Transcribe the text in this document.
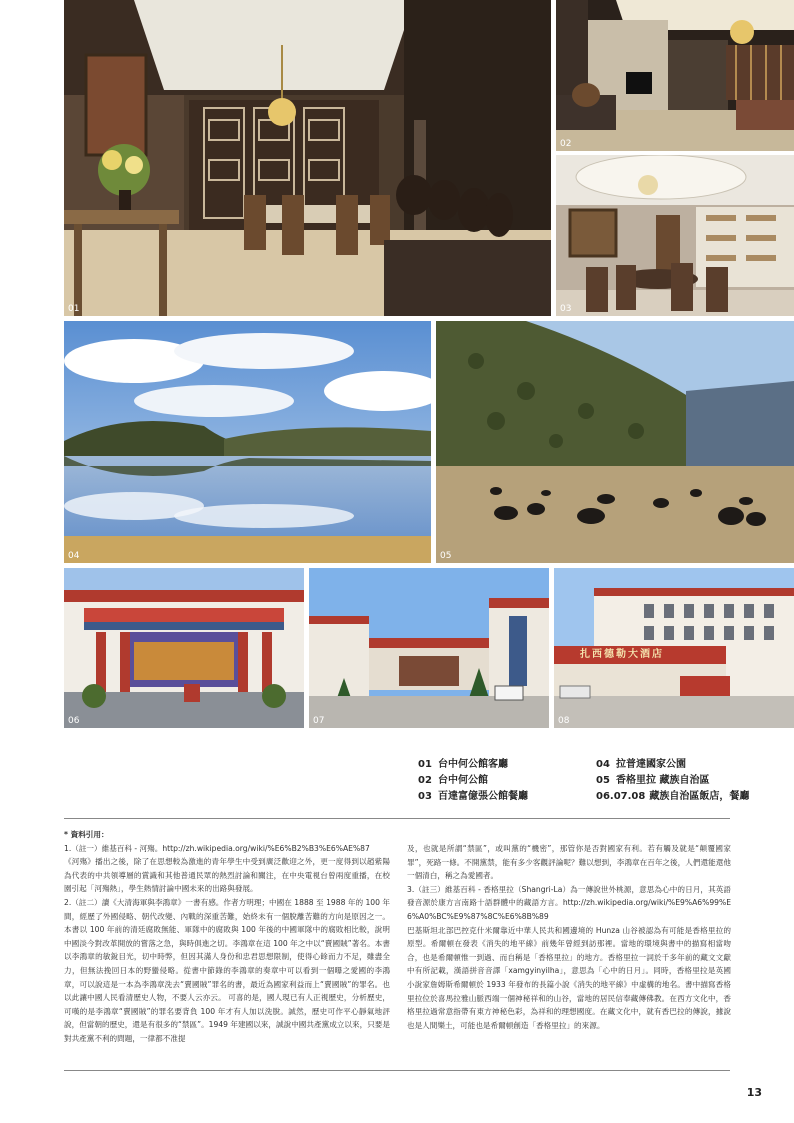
01
02
03
04	05
06	07
扎西德勒大酒店
08
01 台中何公館客廳
02 台中何公館
03 百達富億張公館餐廳
04 拉普達國家公園
05 香格里拉 藏族自治區
06.07.08 藏族自治區飯店，餐廳

* 資料引用：

1.（註一）維基百科 - 河殤。http://zh.wikipedia.org/wiki/%E6%B2%B3%E6%AE%87

《河殤》播出之後，除了在思想較為激進的青年學生中受到廣泛歡迎之外，更一度得到以趙紫陽為代表的中共領導層的賞識和其他普通民眾的熱烈討論和關注，在中央電視台曾兩度重播，在校園引起「河殤熱」，學生熱情討論中國未來的出路與發展。

2.（註二）讀《大清海軍與李鴻章》一書有感。作者方明理；中國在 1888 至 1988 年的 100 年間，經歷了外國侵略、朝代改變、內戰的深重苦難，始終未有一個脫離苦難的方向是原因之一。本書以 100 年前的清廷腐敗無能、軍隊中的腐敗與 100 年後的中國軍隊中的腐敗相比較，說明中國淡今對改革開放的嘗落之急，與時俱進之切。李鴻章在這 100 年之中以“賣國賊”著名。本書以李鴻章的敏銳目光，切中時弊，但因其滿人身份和忠君思想限制，使得心餘而力不足，雖盡全力，但無法挽回日本的野蠻侵略。從書中節錄的李鴻章的奏章中可以看到一個曝之愛國的李鴻章，可以說這是一本為李鴻章洗去“賣國賊”罪名的書，最近為國家利益而上“賣國賊”的罪名。也以此讓中國人民看清歷史人物，不要人云亦云。 可喜的是，國人現已有人正視歷史，分析歷史，可嘆的是李鴻章“賣國賊”的罪名要背負 100 年才有人加以洗脫。誠然，歷史可作平心靜氣地評說，但當朝的歷史，還是有很多的“禁區”。1949 年建國以來，誠說中國共產黨成立以來，只要是對共產黨不利的問題，一律都不准提

及，也就是所謂“禁區”，或叫黨的“機密”，那管你是否對國家有利。若有觸及就是“顛覆國家罪”，死路一條。不開黨禁，能有多少客觀評論呢？難以想到，李鴻章在百年之後，人們還能還他一個清白，稱之為愛國者。

3.（註三）維基百科 - 香格里拉（Shangri-La）為一傳說世外桃源，意思為心中的日月，其英語發音源於康方言南路十語群體中的藏語方言。http://zh.wikipedia.org/wiki/%E9%A6%99%E6%A0%BC%E9%87%8C%E6%8B%89

巴基斯坦北部巴控克什米爾靠近中華人民共和國邊境的 Hunza 山谷被認為有可能是香格里拉的原型。希爾頓在發表《消失的地平線》前幾年曾經到訪那裡。當地的環境與書中的描寫相當吻合，也是希爾頓惟一到過、而自稱是「香格里拉」的地方。香格里拉一詞於千多年前的藏文文獻中有所記載，漢語拼音音譯「xamgyinyilha」，意思為「心中的日月」。同時，香格里拉是英國小說家詹姆斯希爾頓於 1933 年發布的長篇小說《消失的地平線》中虛構的地名。書中描寫香格里拉位於喜馬拉雅山脈西端一個神秘祥和的山谷，當地的居民信奉藏傳佛教。在西方文化中，香格里拉過常意指帶有東方神秘色彩，為祥和的理想國度。在藏文化中，就有香巴拉的傳說，據說也是人間樂土，可能也是希爾頓創造「香格里拉」的來源。

13
